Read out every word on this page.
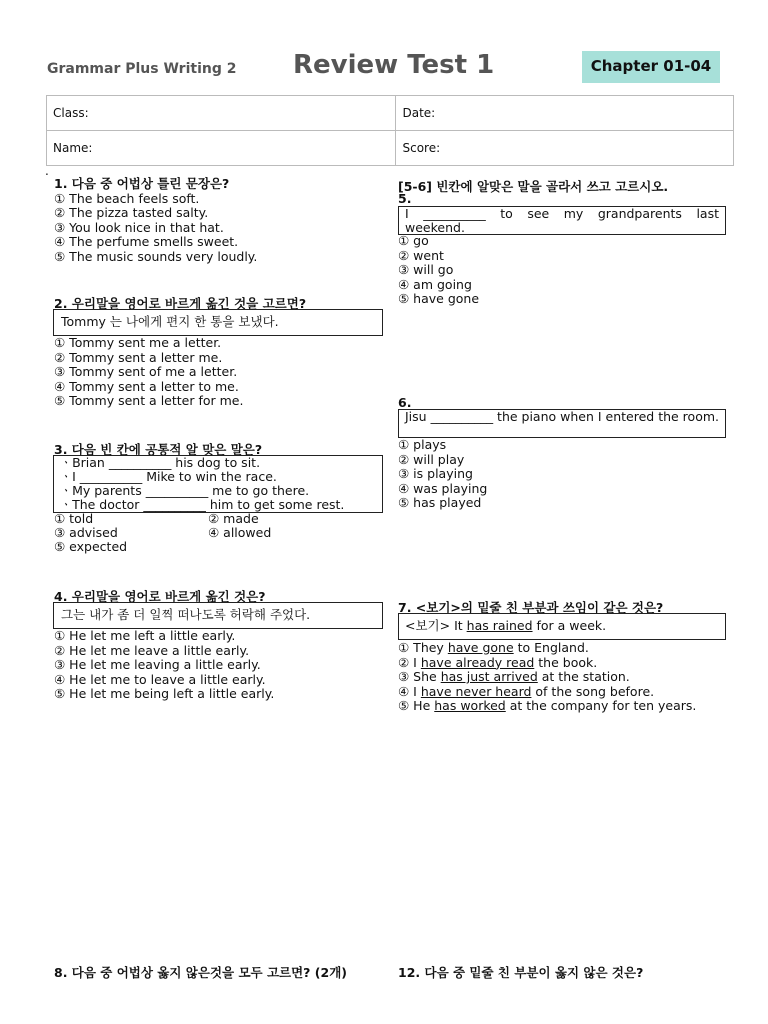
Grammar Plus Writing 2 Review Test 1	Chapter 01-04
Class:	Date:
Name:	Score:
.
1. 다음 중 어법상 틀린 문장은?
① The beach feels soft.
② The pizza tasted salty.
③ You look nice in that hat.
④ The perfume smells sweet.
⑤ The music sounds very loudly.
2. 우리말을 영어로 바르게 옮긴 것을 고르면?
Tommy 는 나에게 편지 한 통을 보냈다.
① Tommy sent me a letter.
② Tommy sent a letter me.
③ Tommy sent of me a letter.
④ Tommy sent a letter to me.
⑤ Tommy sent a letter for me.
3. 다음 빈 칸에 공통적 알 맞은 말은?
ㆍBrian __________ his dog to sit.
ㆍI __________ Mike to win the race.
ㆍMy parents __________ me to go there.
ㆍThe doctor __________ him to get some rest.
① told	② made
③ advised	④ allowed
⑤ expected
4. 우리말을 영어로 바르게 옮긴 것은?
그는 내가 좀 더 일찍 떠나도록 허락해 주었다.
① He let me left a little early.
② He let me leave a little early.
③ He let me leaving a little early.
④ He let me to leave a little early.
⑤ He let me being left a little early.
[5-6] 빈칸에 알맞은 말을 골라서 쓰고 고르시오.
5.
I __________ to see my grandparents last weekend.
① go
② went
③ will go
④ am going
⑤ have gone
6.
Jisu __________ the piano when I entered the room.
① plays
② will play
③ is playing
④ was playing
⑤ has played
7. <보기>의 밑줄 친 부분과 쓰임이 같은 것은?
<보기> It has rained for a week.
① They have gone to England.
② I have already read the book.
③ She has just arrived at the station.
④ I have never heard of the song before.
⑤ He has worked at the company for ten years.
8. 다음 중 어법상 옳지 않은것을 모두 고르면? (2개)	12. 다음 중 밑줄 친 부분이 옳지 않은 것은?
